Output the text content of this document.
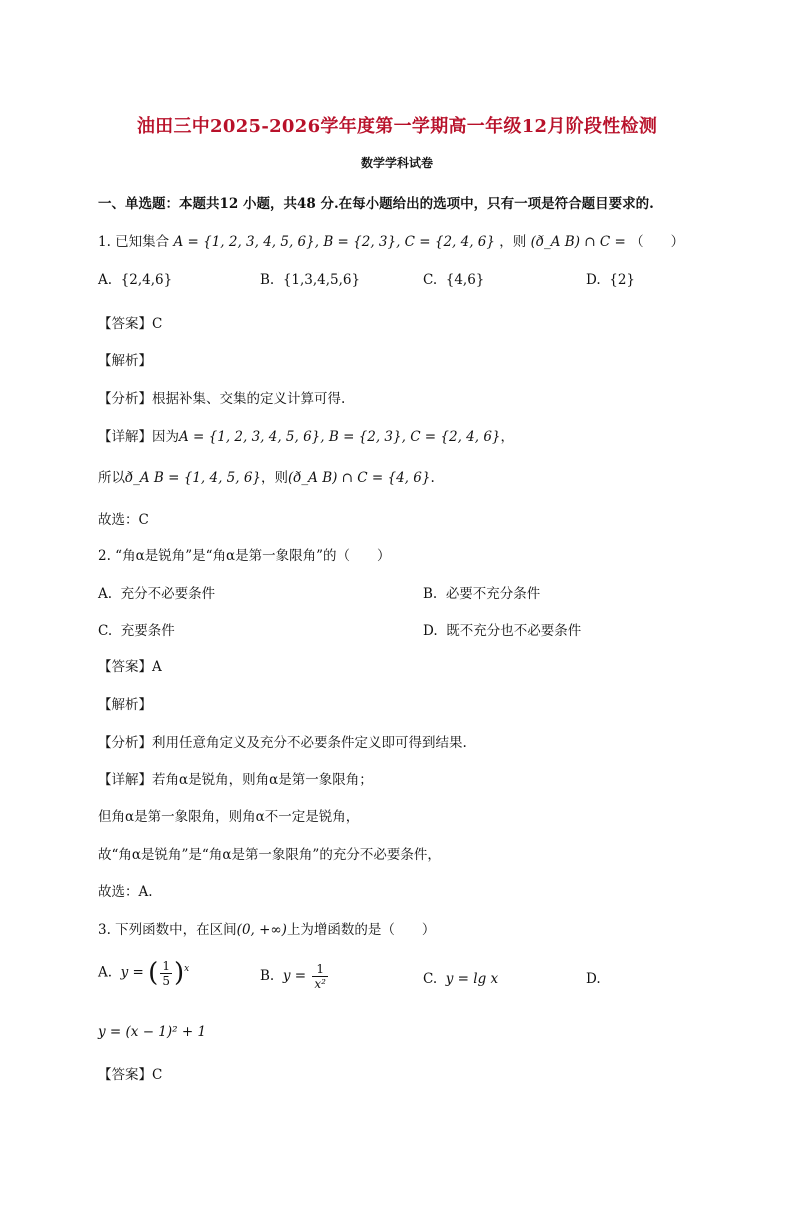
油田三中2025-2026学年度第一学期高一年级12月阶段性检测
数学学科试卷
一、单选题：本题共12 小题，共48 分.在每小题给出的选项中，只有一项是符合题目要求的.
1. 已知集合 A = {1, 2, 3, 4, 5, 6}, B = {2, 3}, C = {2, 4, 6} ，则 (ð_A B) ∩ C = （　　）
A. {2,4,6}	B. {1,3,4,5,6}	C. {4,6}	D. {2}
【答案】C
【解析】
【分析】根据补集、交集的定义计算可得.
【详解】因为A = {1, 2, 3, 4, 5, 6}, B = {2, 3}, C = {2, 4, 6}，
所以ð_A B = {1, 4, 5, 6}，则(ð_A B) ∩ C = {4, 6}.
故选：C
2. “角α是锐角”是“角α是第一象限角”的（　　）
A. 充分不必要条件	B. 必要不充分条件
C. 充要条件	D. 既不充分也不必要条件
【答案】A
【解析】
【分析】利用任意角定义及充分不必要条件定义即可得到结果.
【详解】若角α是锐角，则角α是第一象限角；
但角α是第一象限角，则角α不一定是锐角，
故“角α是锐角”是“角α是第一象限角”的充分不必要条件，
故选：A.
3. 下列函数中，在区间(0, +∞)上为增函数的是（　　）
A. y = ( $\frac{1}{5} )^x$	B. $y = \frac{1}{\text{x²}}$	C. y = lg x	D.
y = (x − 1)² + 1
【答案】C
